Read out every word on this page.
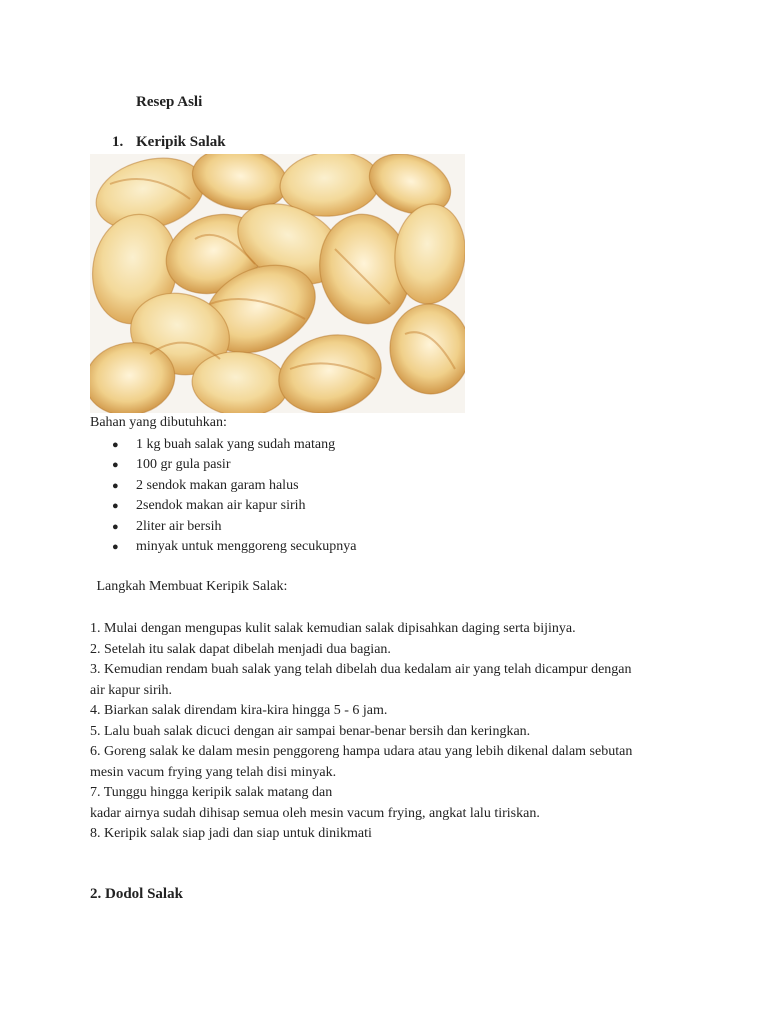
Resep Asli
1. Keripik Salak
Bahan yang dibutuhkan:
● 1 kg buah salak yang sudah matang
● 100 gr gula pasir
● 2 sendok makan garam halus
● 2sendok makan air kapur sirih
● 2liter air bersih
● minyak untuk menggoreng secukupnya
Langkah Membuat Keripik Salak:
1. Mulai dengan mengupas kulit salak kemudian salak dipisahkan daging serta bijinya.
2. Setelah itu salak dapat dibelah menjadi dua bagian.
3. Kemudian rendam buah salak yang telah dibelah dua kedalam air yang telah dicampur dengan
air kapur sirih.
4. Biarkan salak direndam kira-kira hingga 5 - 6 jam.
5. Lalu buah salak dicuci dengan air sampai benar-benar bersih dan keringkan.
6. Goreng salak ke dalam mesin penggoreng hampa udara atau yang lebih dikenal dalam sebutan
mesin vacum frying yang telah disi minyak.
7. Tunggu hingga keripik salak matang dan
kadar airnya sudah dihisap semua oleh mesin vacum frying, angkat lalu tiriskan.
8. Keripik salak siap jadi dan siap untuk dinikmati
2. Dodol Salak
